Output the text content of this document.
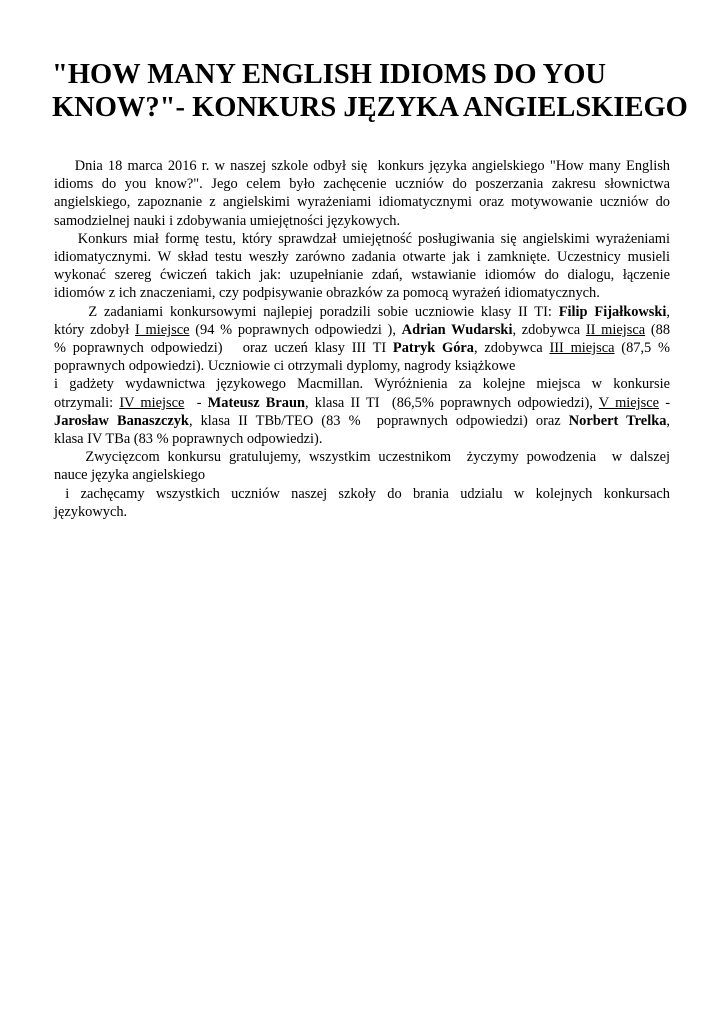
"HOW MANY ENGLISH IDIOMS DO YOU
KNOW?"- KONKURS JĘZYKA ANGIELSKIEGO
Dnia 18 marca 2016 r. w naszej szkole odbył się  konkurs języka angielskiego "How many English
idioms do you know?". Jego celem było zachęcenie uczniów do poszerzania zakresu słownictwa
angielskiego, zapoznanie z angielskimi wyrażeniami idiomatycznymi oraz motywowanie uczniów do
samodzielnej nauki i zdobywania umiejętności językowych.
Konkurs miał formę testu, który sprawdzał umiejętność posługiwania się angielskimi wyrażeniami
idiomatycznymi. W skład testu weszły zarówno zadania otwarte jak i zamknięte. Uczestnicy musieli
wykonać szereg ćwiczeń takich jak: uzupełnianie zdań, wstawianie idiomów do dialogu, łączenie
idiomów z ich znaczeniami, czy podpisywanie obrazków za pomocą wyrażeń idiomatycznych.
Z zadaniami konkursowymi najlepiej poradzili sobie uczniowie klasy II TI: Filip Fijałkowski,
który zdobył I miejsce (94 % poprawnych odpowiedzi ), Adrian Wudarski, zdobywca II miejsca (88
% poprawnych odpowiedzi)   oraz uczeń klasy III TI Patryk Góra, zdobywca III miejsca (87,5 %
poprawnych odpowiedzi). Uczniowie ci otrzymali dyplomy, nagrody książkowe
i gadżety wydawnictwa językowego Macmillan. Wyróżnienia za kolejne miejsca w konkursie
otrzymali: IV miejsce  - Mateusz Braun, klasa II TI  (86,5% poprawnych odpowiedzi), V miejsce -
Jarosław Banaszczyk, klasa II TBb/TEO (83 %  poprawnych odpowiedzi) oraz Norbert Trelka,
klasa IV TBa (83 % poprawnych odpowiedzi).
Zwycięzcom konkursu gratulujemy, wszystkim uczestnikom  życzymy powodzenia  w dalszej
nauce języka angielskiego
i zachęcamy wszystkich uczniów naszej szkoły do brania udzialu w kolejnych konkursach
językowych.
